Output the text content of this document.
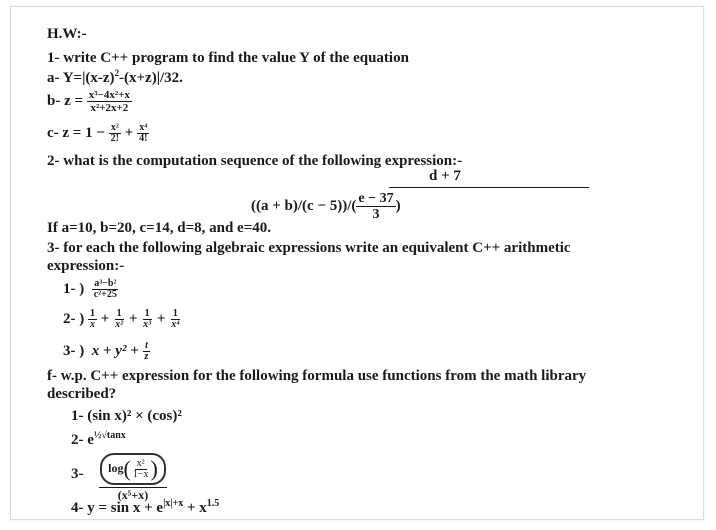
H.W:-
1- write C++ program to find the value Y of the equation
a- $Y=|(x-z)^2-(x+z)|/32$.
b- $z = \frac{\text{x³−4x²+x}}{\text{x²+2x+2}}$
c- $z = 1 - \frac{\text{x²}}{2!} + \frac{\text{x⁴}}{4!}$
2- what is the computation sequence of the following expression:-
d + 7
$((a + b)/(c - 5))/( \frac{e - 37}{3}$ )
If a=10, b=20, c=14, d=8, and e=40.
3- for each the following algebraic expressions write an equivalent C++ arithmetic
expression:-
1- ) $\frac{\text{a³−b²}}{\text{c²+25}}$
2- ) $\frac{1}{x} + \frac{1}{\text{x²}} + \frac{1}{\text{x³}} + \frac{1}{\text{x⁴}}$
3- ) $x + y^2 + \frac{t}{z}$
f- w.p. C++ expression for the following formula use functions from the math library
described?
1- (sin x)² × (cos)²
2- $e^{\frac{1}{2}√tanx}$
3-	$\log( \frac{\text{x²}}{1-x}$ )
(x⁵+x)
4- $y = \sin x + e^{|x|+x} + x^{1.5}$
